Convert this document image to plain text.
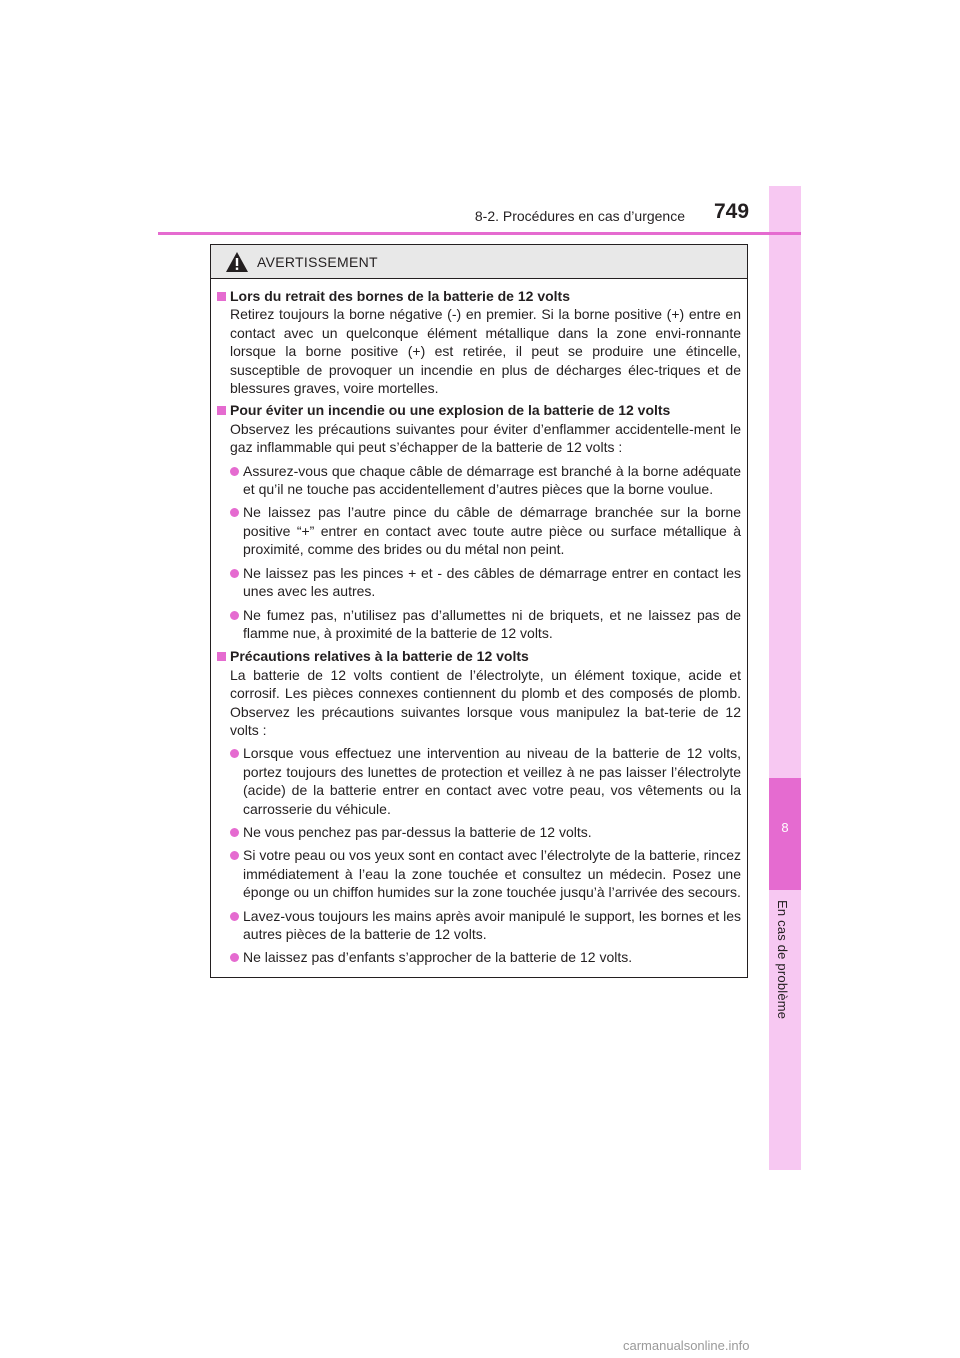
8
En cas de problème
8-2. Procédures en cas d’urgence 749
AVERTISSEMENT
Lors du retrait des bornes de la batterie de 12 volts
Retirez toujours la borne négative (-) en premier. Si la borne positive (+) entre en contact avec un quelconque élément métallique dans la zone envi-ronnante lorsque la borne positive (+) est retirée, il peut se produire une étincelle, susceptible de provoquer un incendie en plus de décharges élec-triques et de blessures graves, voire mortelles.
Pour éviter un incendie ou une explosion de la batterie de 12 volts
Observez les précautions suivantes pour éviter d’enflammer accidentelle-ment le gaz inflammable qui peut s’échapper de la batterie de 12 volts :
Assurez-vous que chaque câble de démarrage est branché à la borne adéquate et qu’il ne touche pas accidentellement d’autres pièces que la borne voulue.
Ne laissez pas l’autre pince du câble de démarrage branchée sur la borne positive “+” entrer en contact avec toute autre pièce ou surface métallique à proximité, comme des brides ou du métal non peint.
Ne laissez pas les pinces + et - des câbles de démarrage entrer en contact les unes avec les autres.
Ne fumez pas, n’utilisez pas d’allumettes ni de briquets, et ne laissez pas de flamme nue, à proximité de la batterie de 12 volts.
Précautions relatives à la batterie de 12 volts
La batterie de 12 volts contient de l’électrolyte, un élément toxique, acide et corrosif. Les pièces connexes contiennent du plomb et des composés de plomb. Observez les précautions suivantes lorsque vous manipulez la bat-terie de 12 volts :
Lorsque vous effectuez une intervention au niveau de la batterie de 12 volts, portez toujours des lunettes de protection et veillez à ne pas laisser l’électrolyte (acide) de la batterie entrer en contact avec votre peau, vos vêtements ou la carrosserie du véhicule.
Ne vous penchez pas par-dessus la batterie de 12 volts.
Si votre peau ou vos yeux sont en contact avec l’électrolyte de la batterie, rincez immédiatement à l’eau la zone touchée et consultez un médecin. Posez une éponge ou un chiffon humides sur la zone touchée jusqu’à l’arrivée des secours.
Lavez-vous toujours les mains après avoir manipulé le support, les bornes et les autres pièces de la batterie de 12 volts.
Ne laissez pas d’enfants s’approcher de la batterie de 12 volts.
carmanualsonline.info
